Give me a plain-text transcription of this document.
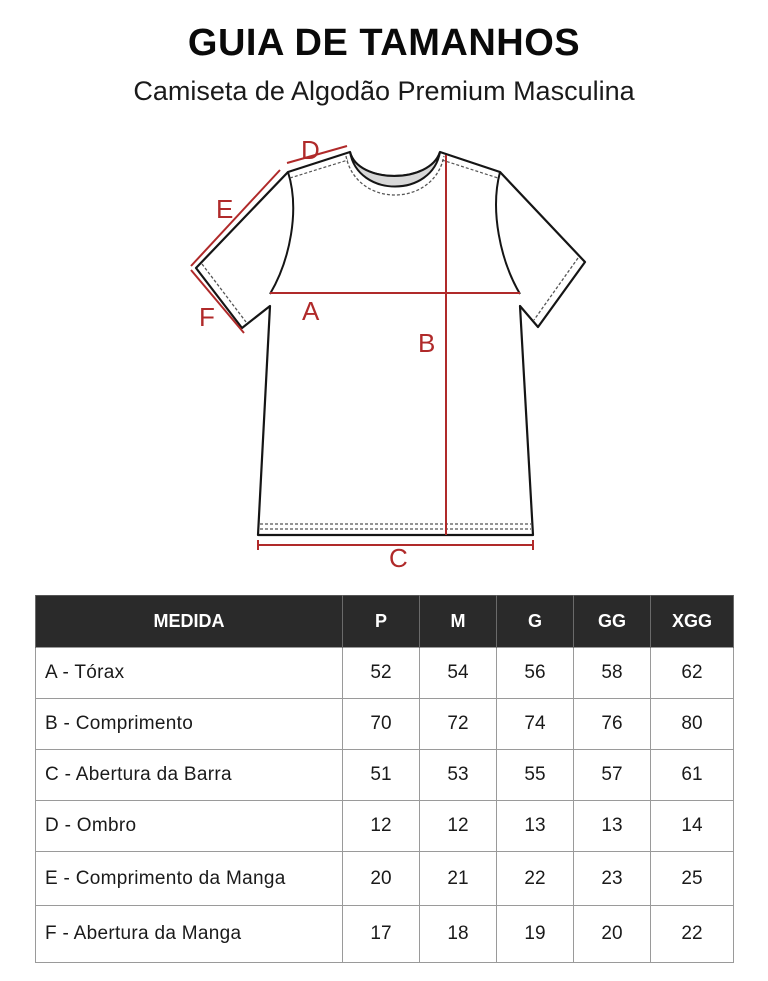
GUIA DE TAMANHOS
Camiseta de Algodão Premium Masculina
A
B
C
D
E
F
MEDIDA	P	M	G	GG	XGG
A - Tórax	52	54	56	58	62
B - Comprimento	70	72	74	76	80
C - Abertura da Barra	51	53	55	57	61
D - Ombro	12	12	13	13	14
E - Comprimento da Manga	20	21	22	23	25
F - Abertura da Manga	17	18	19	20	22
